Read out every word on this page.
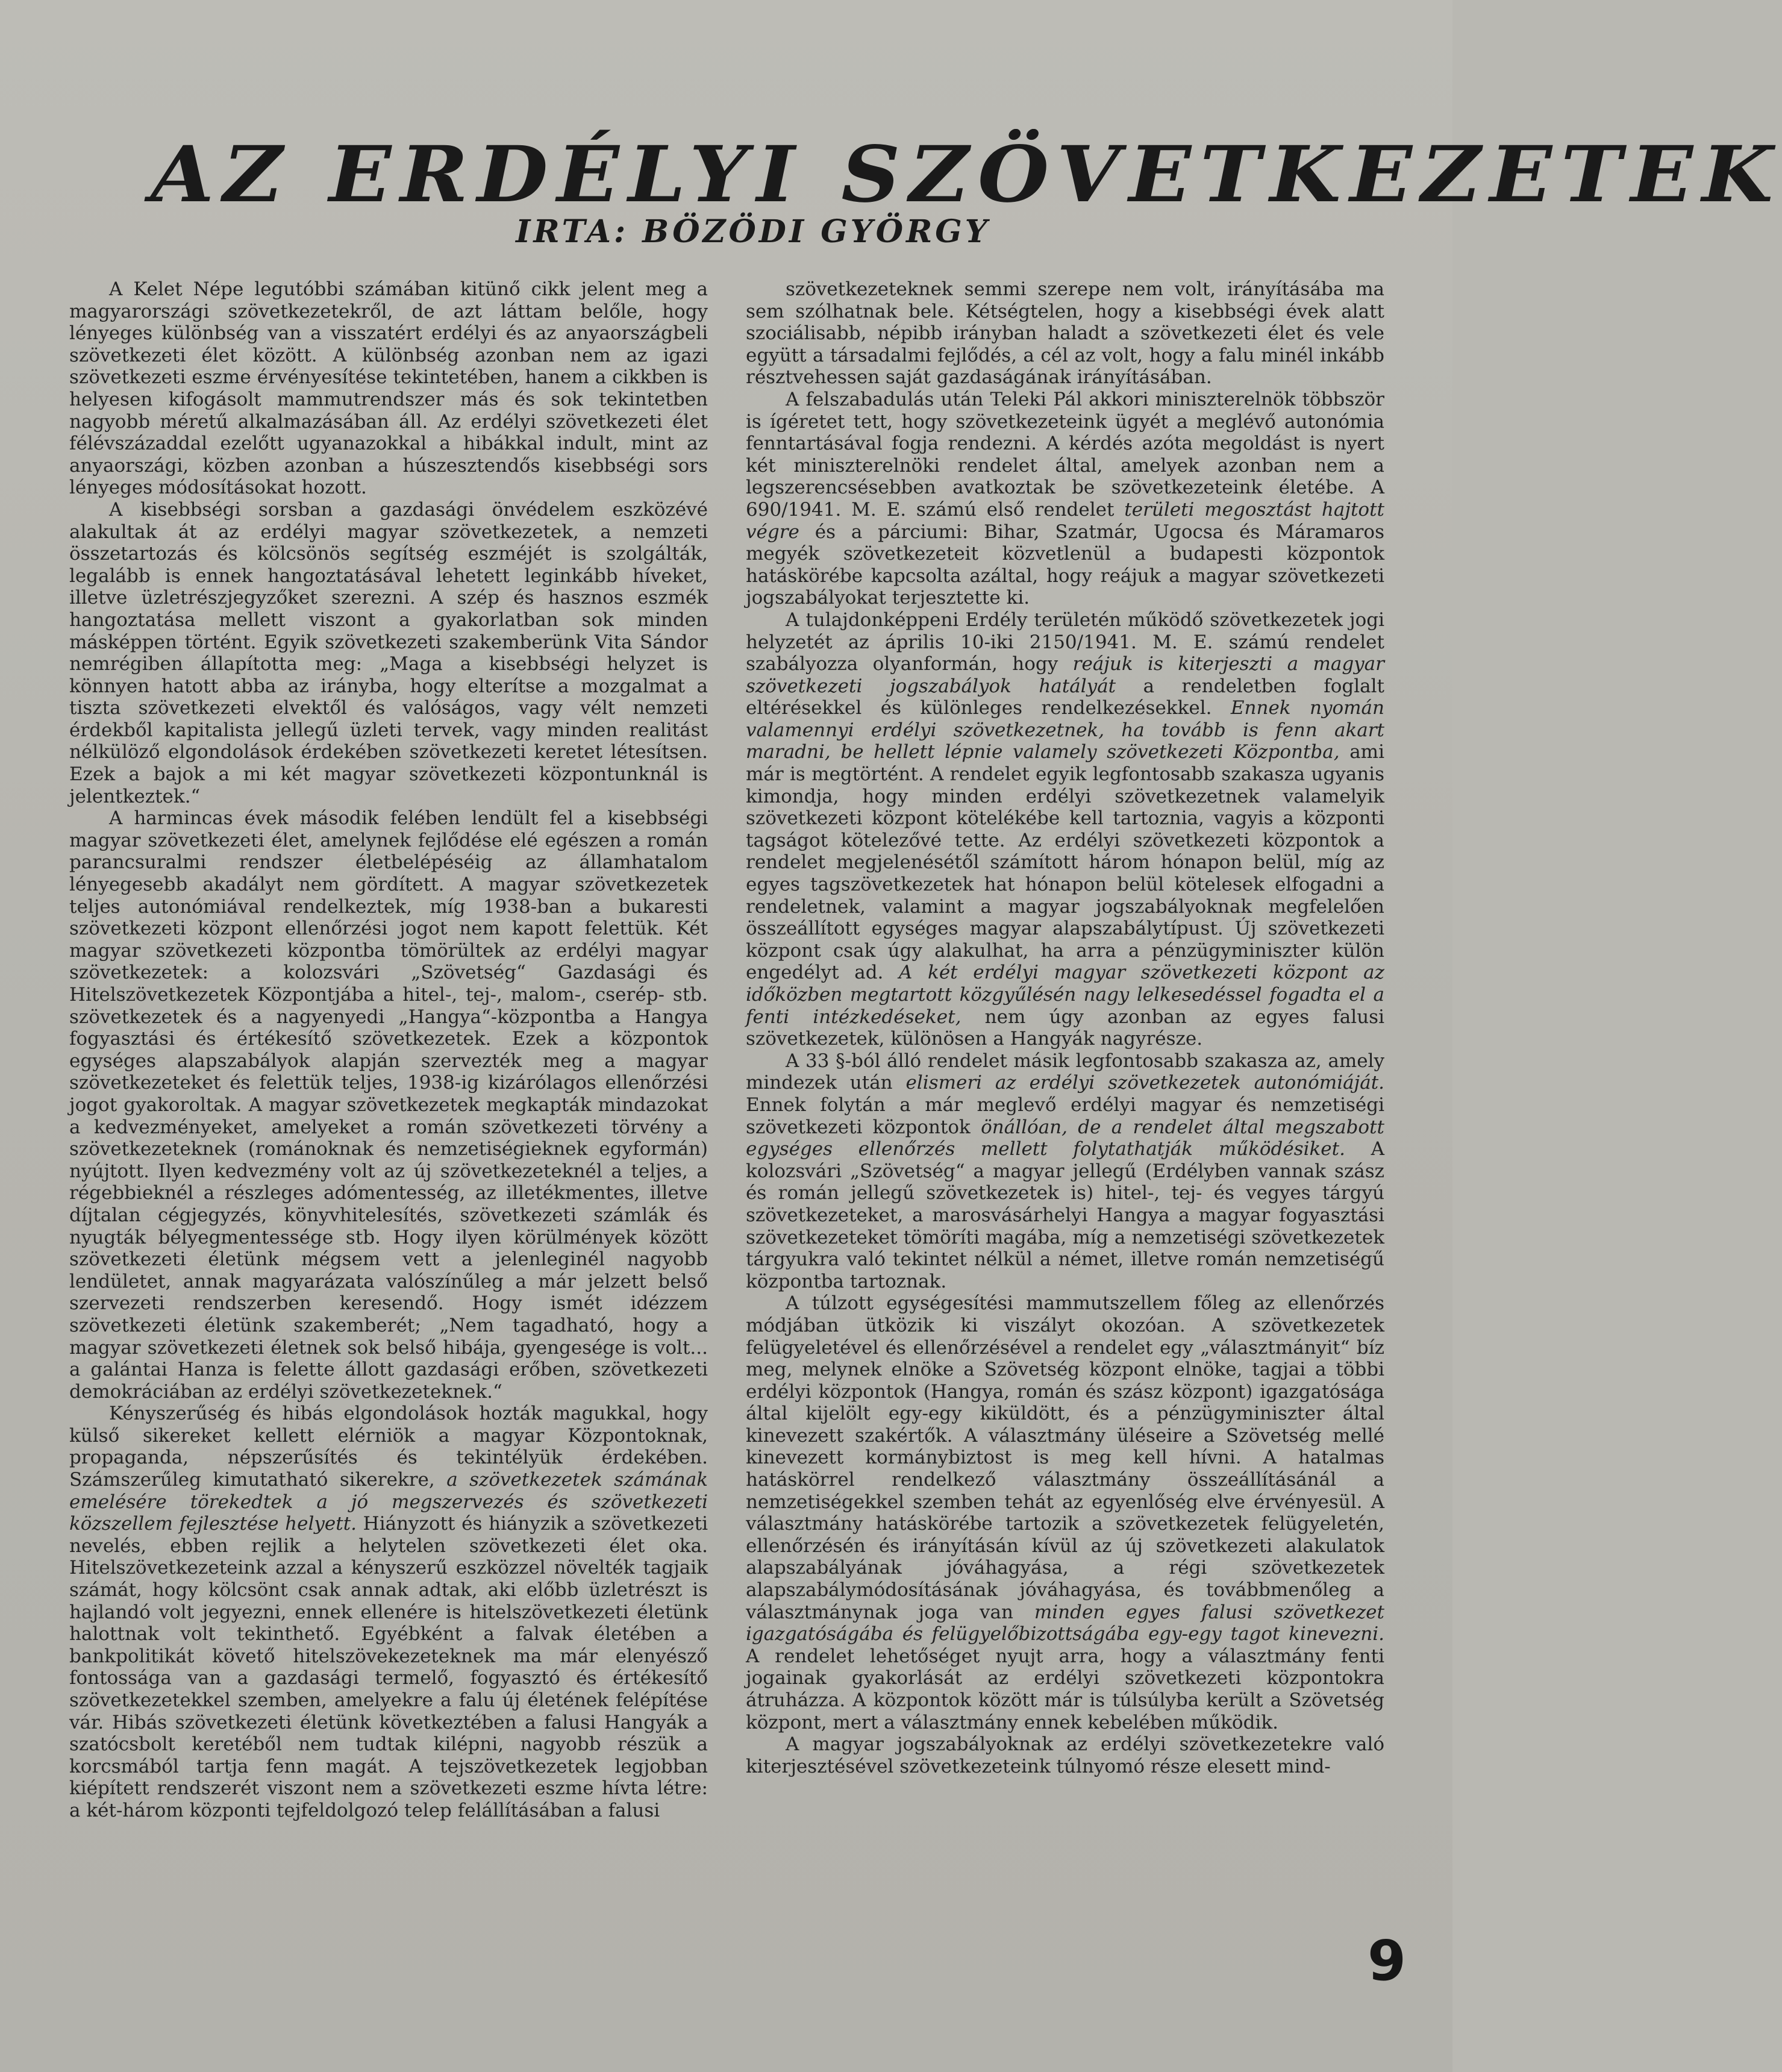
AZ ERDÉLYI SZÖVETKEZETEK
IRTA: BÖZÖDI GYÖRGY

A Kelet Népe legutóbbi számában kitünő cikk jelent meg a magyarországi szövetkezetekről, de azt láttam belőle, hogy lényeges különbség van a visszatért erdélyi és az anyaországbeli szövetkezeti élet között. A különbség azonban nem az igazi szövetkezeti eszme érvényesítése tekintetében, hanem a cikkben is helyesen kifogásolt mammutrendszer más és sok tekintetben nagyobb méretű alkalmazásában áll. Az erdélyi szövetkezeti élet félévszázaddal ezelőtt ugyanazokkal a hibákkal indult, mint az anyaországi, közben azonban a húszesztendős kisebbségi sors lényeges módosításokat hozott.

A kisebbségi sorsban a gazdasági önvédelem eszközévé alakultak át az erdélyi magyar szövetkezetek, a nemzeti összetartozás és kölcsönös segítség eszméjét is szolgálták, legalább is ennek hangoztatásával lehetett leginkább híveket, illetve üzletrészjegyzőket szerezni. A szép és hasznos eszmék hangoztatása mellett viszont a gyakorlatban sok minden másképpen történt. Egyik szövetkezeti szakemberünk Vita Sándor nemrégiben állapította meg: „Maga a kisebbségi helyzet is könnyen hatott abba az irányba, hogy elterítse a mozgalmat a tiszta szövetkezeti elvektől és valóságos, vagy vélt nemzeti érdekből kapitalista jellegű üzleti tervek, vagy minden realitást nélkülöző elgondolások érdekében szövetkezeti keretet létesítsen. Ezek a bajok a mi két magyar szövetkezeti központunknál is jelentkeztek.“

A harmincas évek második felében lendült fel a kisebbségi magyar szövetkezeti élet, amelynek fejlődése elé egészen a román parancsuralmi rendszer életbelépéséig az államhatalom lényegesebb akadályt nem gördített. A magyar szövetkezetek teljes autonómiával rendelkeztek, míg 1938-ban a bukaresti szövetkezeti központ ellenőrzési jogot nem kapott felettük. Két magyar szövetkezeti központba tömörültek az erdélyi magyar szövetkezetek: a kolozsvári „Szövetség“ Gazdasági és Hitelszövetkezetek Központjába a hitel-, tej-, malom-, cserép- stb. szövetkezetek és a nagyenyedi „Hangya“-központba a Hangya fogyasztási és értékesítő szövetkezetek. Ezek a központok egységes alapszabályok alapján szervezték meg a magyar szövetkezeteket és felettük teljes, 1938-ig kizárólagos ellenőrzési jogot gyakoroltak. A magyar szövetkezetek megkapták mindazokat a kedvezményeket, amelyeket a román szövetkezeti törvény a szövetkezeteknek (románoknak és nemzetiségieknek egyformán) nyújtott. Ilyen kedvezmény volt az új szövetkezeteknél a teljes, a régebbieknél a részleges adómentesség, az illetékmentes, illetve díjtalan cégjegyzés, könyvhitelesítés, szövetkezeti számlák és nyugták bélyegmentessége stb. Hogy ilyen körülmények között szövetkezeti életünk mégsem vett a jelenleginél nagyobb lendületet, annak magyarázata valószínűleg a már jelzett belső szervezeti rendszerben keresendő. Hogy ismét idézzem szövetkezeti életünk szakemberét; „Nem tagadható, hogy a magyar szövetkezeti életnek sok belső hibája, gyengesége is volt... a galántai Hanza is felette állott gazdasági erőben, szövetkezeti demokráciában az erdélyi szövetkezeteknek.“

Kényszerűség és hibás elgondolások hozták magukkal, hogy külső sikereket kellett elérniök a magyar Központoknak, propaganda, népszerűsítés és tekintélyük érdekében. Számszerűleg kimutatható sikerekre, a szövetkezetek számának emelésére törekedtek a jó megszervezés és szövetkezeti közszellem fejlesztése helyett. Hiányzott és hiányzik a szövetkezeti nevelés, ebben rejlik a helytelen szövetkezeti élet oka. Hitelszövetkezeteink azzal a kényszerű eszközzel növelték tagjaik számát, hogy kölcsönt csak annak adtak, aki előbb üzletrészt is hajlandó volt jegyezni, ennek ellenére is hitelszövetkezeti életünk halottnak volt tekinthető. Egyébként a falvak életében a bankpolitikát követő hitelszövekezeteknek ma már elenyésző fontossága van a gazdasági termelő, fogyasztó és értékesítő szövetkezetekkel szemben, amelyekre a falu új életének felépítése vár. Hibás szövetkezeti életünk következtében a falusi Hangyák a szatócsbolt keretéből nem tudtak kilépni, nagyobb részük a korcsmából tartja fenn magát. A tejszövetkezetek legjobban kiépített rendszerét viszont nem a szövetkezeti eszme hívta létre: a két-három központi tejfeldolgozó telep felállításában a falusi

szövetkezeteknek semmi szerepe nem volt, irányításába ma sem szólhatnak bele. Kétségtelen, hogy a kisebbségi évek alatt szociálisabb, népibb irányban haladt a szövetkezeti élet és vele együtt a társadalmi fejlődés, a cél az volt, hogy a falu minél inkább résztvehessen saját gazdaságának irányításában.

A felszabadulás után Teleki Pál akkori miniszterelnök többször is ígéretet tett, hogy szövetkezeteink ügyét a meglévő autonómia fenntartásával fogja rendezni. A kérdés azóta megoldást is nyert két miniszterelnöki rendelet által, amelyek azonban nem a legszerencsésebben avatkoztak be szövetkezeteink életébe. A 690/1941. M. E. számú első rendelet területi megosztást hajtott végre és a párciumi: Bihar, Szatmár, Ugocsa és Máramaros megyék szövetkezeteit közvetlenül a budapesti központok hatáskörébe kapcsolta azáltal, hogy reájuk a magyar szövetkezeti jogszabályokat terjesztette ki.

A tulajdonképpeni Erdély területén működő szövetkezetek jogi helyzetét az április 10-iki 2150/1941. M. E. számú rendelet szabályozza olyanformán, hogy reájuk is kiterjeszti a magyar szövetkezeti jogszabályok hatályát a rendeletben foglalt eltérésekkel és különleges rendelkezésekkel. Ennek nyomán valamennyi erdélyi szövetkezetnek, ha tovább is fenn akart maradni, be hellett lépnie valamely szövetkezeti Központba, ami már is megtörtént. A rendelet egyik legfontosabb szakasza ugyanis kimondja, hogy minden erdélyi szövetkezetnek valamelyik szövetkezeti központ kötelékébe kell tartoznia, vagyis a központi tagságot kötelezővé tette. Az erdélyi szövetkezeti központok a rendelet megjelenésétől számított három hónapon belül, míg az egyes tagszövetkezetek hat hónapon belül kötelesek elfogadni a rendeletnek, valamint a magyar jogszabályoknak megfelelően összeállított egységes magyar alapszabálytípust. Új szövetkezeti központ csak úgy alakulhat, ha arra a pénzügyminiszter külön engedélyt ad. A két erdélyi magyar szövetkezeti központ az időközben megtartott közgyűlésén nagy lelkesedéssel fogadta el a fenti intézkedéseket, nem úgy azonban az egyes falusi szövetkezetek, különösen a Hangyák nagyrésze.

A 33 §-ból álló rendelet másik legfontosabb szakasza az, amely mindezek után elismeri az erdélyi szövetkezetek autonómiáját. Ennek folytán a már meglevő erdélyi magyar és nemzetiségi szövetkezeti központok önállóan, de a rendelet által megszabott egységes ellenőrzés mellett folytathatják működésiket. A kolozsvári „Szövetség“ a magyar jellegű (Erdélyben vannak szász és román jellegű szövetkezetek is) hitel-, tej- és vegyes tárgyú szövetkezeteket, a marosvásárhelyi Hangya a magyar fogyasztási szövetkezeteket tömöríti magába, míg a nemzetiségi szövetkezetek tárgyukra való tekintet nélkül a német, illetve román nemzetiségű központba tartoznak.

A túlzott egységesítési mammutszellem főleg az ellenőrzés módjában ütközik ki viszályt okozóan. A szövetkezetek felügyeletével és ellenőrzésével a rendelet egy „választmányit“ bíz meg, melynek elnöke a Szövetség központ elnöke, tagjai a többi erdélyi központok (Hangya, román és szász központ) igazgatósága által kijelölt egy-egy kiküldött, és a pénzügyminiszter által kinevezett szakértők. A választmány üléseire a Szövetség mellé kinevezett kormánybiztost is meg kell hívni. A hatalmas hatáskörrel rendelkező választmány összeállításánál a nemzetiségekkel szemben tehát az egyenlőség elve érvényesül. A választmány hatáskörébe tartozik a szövetkezetek felügyeletén, ellenőrzésén és irányításán kívül az új szövetkezeti alakulatok alapszabályának jóváhagyása, a régi szövetkezetek alapszabálymódosításának jóváhagyása, és továbbmenőleg a választmánynak joga van minden egyes falusi szövetkezet igazgatóságába és felügyelőbizottságába egy-egy tagot kinevezni. A rendelet lehetőséget nyujt arra, hogy a választmány fenti jogainak gyakorlását az erdélyi szövetkezeti központokra átruházza. A központok között már is túlsúlyba került a Szövetség központ, mert a választmány ennek kebelében működik.

A magyar jogszabályoknak az erdélyi szövetkezetekre való kiterjesztésével szövetkezeteink túlnyomó része elesett mind-

9
